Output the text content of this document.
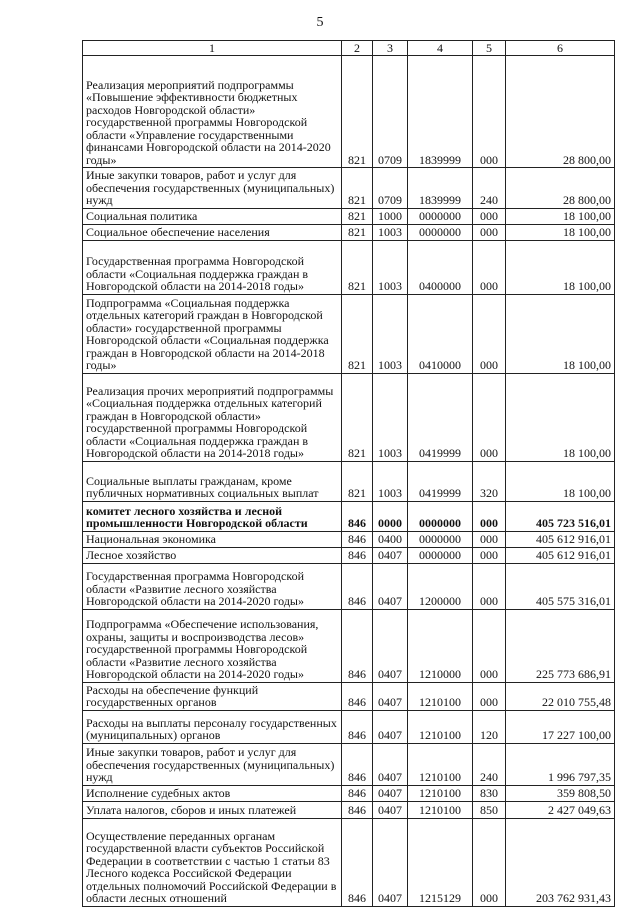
5
1	2	3	4	5	6
Реализация мероприятий подпрограммы «Повышение эффективности бюджетных расходов Новгородской области» государственной программы Новгородской области «Управление государственными финансами Новгородской области на 2014-2020 годы»	821	0709	1839999	000	28 800,00
Иные закупки товаров, работ и услуг для обеспечения государственных (муниципальных) нужд	821	0709	1839999	240	28 800,00
Социальная политика	821	1000	0000000	000	18 100,00
Социальное обеспечение населения	821	1003	0000000	000	18 100,00
Государственная программа Новгородской области «Социальная поддержка граждан в Новгородской области на 2014-2018 годы»	821	1003	0400000	000	18 100,00
Подпрограмма «Социальная поддержка отдельных категорий граждан в Новгородской области» государственной программы Новгородской области «Социальная поддержка граждан в Новгородской области на 2014-2018 годы»	821	1003	0410000	000	18 100,00
Реализация прочих мероприятий подпрограммы «Социальная поддержка отдельных категорий граждан в Новгородской области» государственной программы Новгородской области «Социальная поддержка граждан в Новгородской области на 2014-2018 годы»	821	1003	0419999	000	18 100,00
Социальные выплаты гражданам, кроме публичных нормативных социальных выплат	821	1003	0419999	320	18 100,00
комитет лесного хозяйства и лесной промышленности Новгородской области	846	0000	0000000	000	405 723 516,01
Национальная экономика	846	0400	0000000	000	405 612 916,01
Лесное хозяйство	846	0407	0000000	000	405 612 916,01
Государственная программа Новгородской области «Развитие лесного хозяйства Новгородской области на 2014-2020 годы»	846	0407	1200000	000	405 575 316,01
Подпрограмма «Обеспечение использования, охраны, защиты и воспроизводства лесов» государственной программы Новгородской области «Развитие лесного хозяйства Новгородской области на 2014-2020 годы»	846	0407	1210000	000	225 773 686,91
Расходы на обеспечение функций государственных органов	846	0407	1210100	000	22 010 755,48
Расходы на выплаты персоналу государственных (муниципальных) органов	846	0407	1210100	120	17 227 100,00
Иные закупки товаров, работ и услуг для обеспечения государственных (муниципальных) нужд	846	0407	1210100	240	1 996 797,35
Исполнение судебных актов	846	0407	1210100	830	359 808,50
Уплата налогов, сборов и иных платежей	846	0407	1210100	850	2 427 049,63
Осуществление переданных органам государственной власти субъектов Российской Федерации в соответствии с частью 1 статьи 83 Лесного кодекса Российской Федерации отдельных полномочий Российской Федерации в области лесных отношений	846	0407	1215129	000	203 762 931,43
